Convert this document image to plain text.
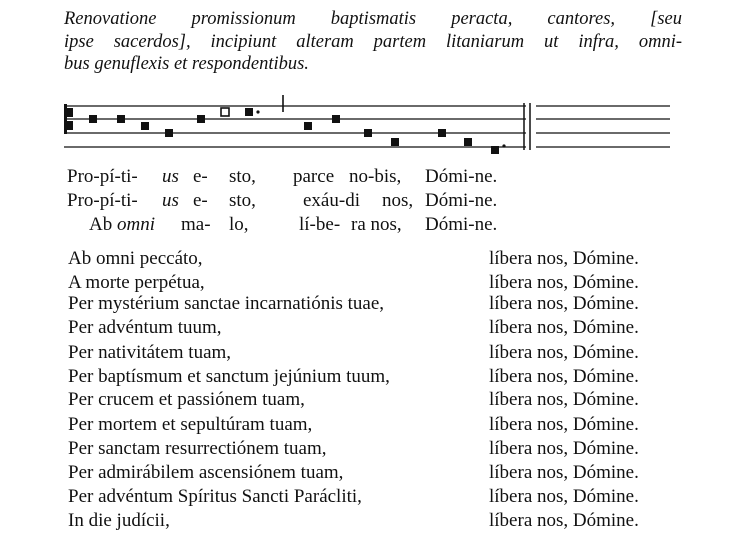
Renovatione promissionum baptismatis peracta, cantores, [seu
ipse sacerdos], incipiunt alteram partem litaniarum ut infra, omni-
bus genuflexis et respondentibus.
Pro-pí-ti- us e- sto, parce no-bis, Dómi-ne.
Pro-pí-ti- us e- sto, exáu-di nos, Dómi-ne.
Ab omni ma- lo,	lí-be- ra nos, Dómi-ne.
Ab omni peccáto,	líbera nos, Dómine.
A morte perpétua,	líbera nos, Dómine.
Per mystérium sanctae incarnatiónis tuae,	líbera nos, Dómine.
Per advéntum tuum,	líbera nos, Dómine.
Per nativitátem tuam,	líbera nos, Dómine.
Per baptísmum et sanctum jejúnium tuum,	líbera nos, Dómine.
Per crucem et passiónem tuam,	líbera nos, Dómine.
Per mortem et sepultúram tuam,	líbera nos, Dómine.
Per sanctam resurrectiónem tuam,	líbera nos, Dómine.
Per admirábilem ascensiónem tuam,	líbera nos, Dómine.
Per advéntum Spíritus Sancti Parácliti,	líbera nos, Dómine.
In die judícii,	líbera nos, Dómine.
